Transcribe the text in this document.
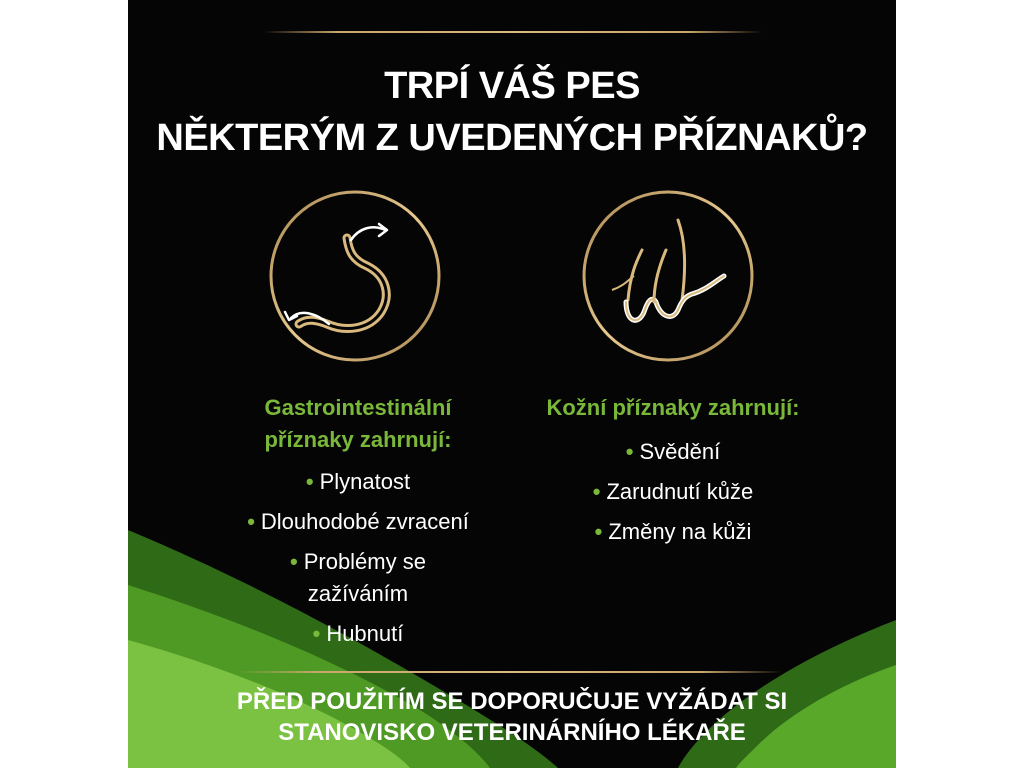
TRPÍ VÁŠ PES
NĚKTERÝM Z UVEDENÝCH PŘÍZNAKŮ?
Gastrointestinální
příznaky zahrnují:
• Plynatost
• Dlouhodobé zvracení
• Problémy se zažíváním
• Hubnutí
Kožní příznaky zahrnují:
• Svědění
• Zarudnutí kůže
• Změny na kůži

PŘED POUŽITÍM SE DOPORUČUJE VYŽÁDAT SI
STANOVISKO VETERINÁRNÍHO LÉKAŘE
